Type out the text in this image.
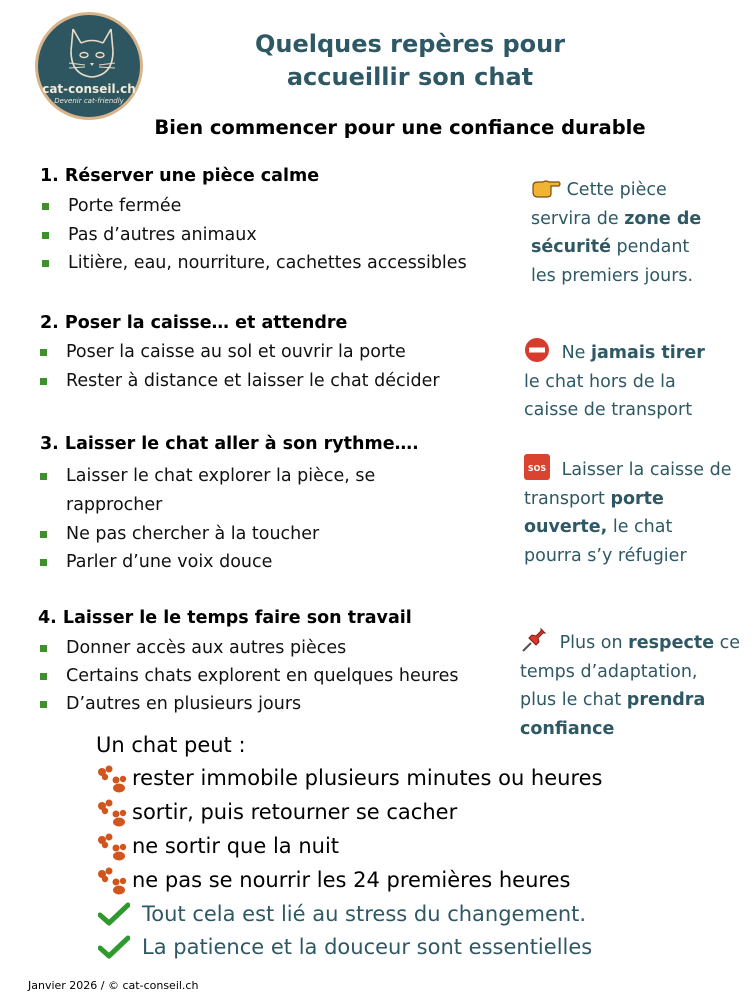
cat-conseil.ch
Devenir cat-friendly
Quelques repères pour
accueillir son chat
Bien commencer pour une confiance durable
1. Réserver une pièce calme
Porte fermée
Pas d’autres animaux
Litière, eau, nourriture, cachettes accessibles
2. Poser la caisse… et attendre
Poser la caisse au sol et ouvrir la porte
Rester à distance et laisser le chat décider
3. Laisser le chat aller à son rythme….
Laisser le chat explorer la pièce, se
rapprocher
Ne pas chercher à la toucher
Parler d’une voix douce
4. Laisser le le temps faire son travail
Donner accès aux autres pièces
Certains chats explorent en quelques heures
D’autres en plusieurs jours
Cette pièce
servira de zone de
sécurité pendant
les premiers jours.
Ne jamais tirer
le chat hors de la
caisse de transport
SOS Laisser la caisse de
transport porte
ouverte, le chat
pourra s’y réfugier
Plus on respecte ce
temps d’adaptation,
plus le chat prendra
confiance
Un chat peut :
rester immobile plusieurs minutes ou heures
sortir, puis retourner se cacher
ne sortir que la nuit
ne pas se nourrir les 24 premières heures
Tout cela est lié au stress du changement.
La patience et la douceur sont essentielles
Janvier 2026 / © cat-conseil.ch
